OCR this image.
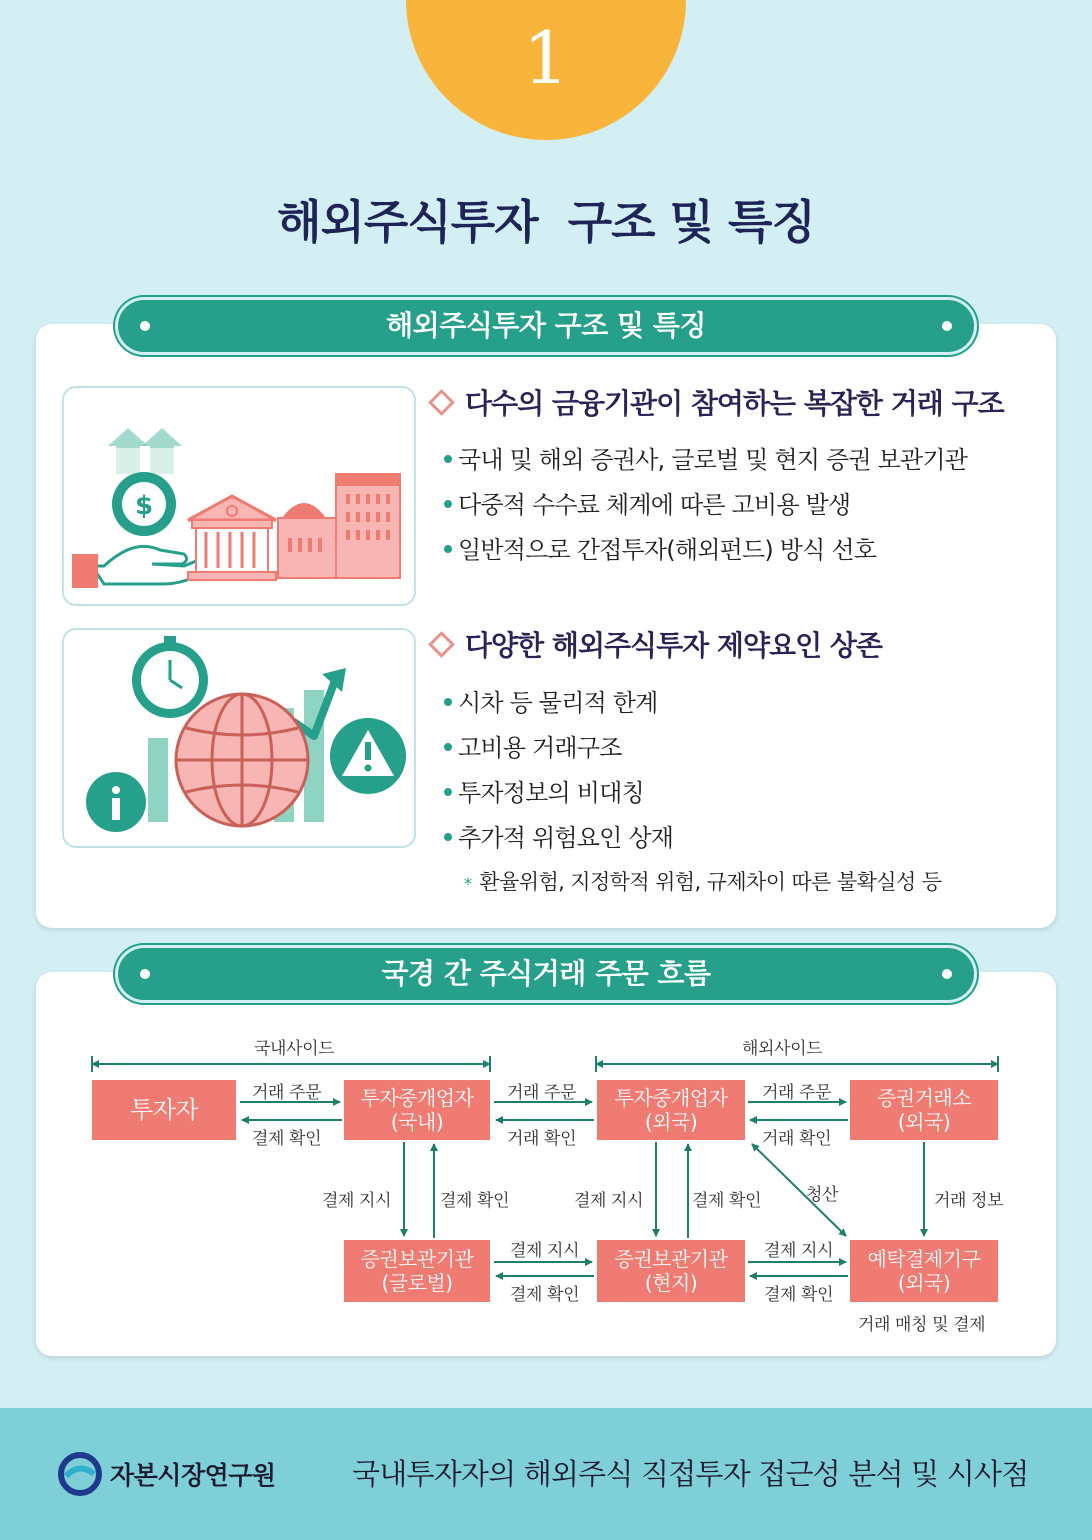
1
해외주식투자  구조 및 특징
해외주식투자 구조 및 특징
$
다수의 금융기관이 참여하는 복잡한 거래 구조
국내 및 해외 증권사, 글로벌 및 현지 증권 보관기관
다중적 수수료 체계에 따른 고비용 발생
일반적으로 간접투자(해외펀드) 방식 선호
다양한 해외주식투자 제약요인 상존
시차 등 물리적 한계
고비용 거래구조
투자정보의 비대칭
추가적 위험요인 상재
* 환율위험, 지정학적 위험, 규제차이 따른 불확실성 등
국경 간 주식거래 주문 흐름
국내사이드	해외사이드
투자자	투자중개업자
(국내)
투자중개업자
(외국)
증권거래소
(외국)
증권보관기관
(글로벌)
증권보관기관
(현지)
예탁결제기구
(외국)
거래 주문
결제 확인
거래 주문
거래 확인
거래 주문
거래 확인
결제 지시	결제 확인	결제 지시	결제 확인	청산	거래 정보
결제 지시
결제 확인
결제 지시
결제 확인
거래 매칭 및 결제
자본시장연구원	국내투자자의 해외주식 직접투자 접근성 분석 및 시사점
